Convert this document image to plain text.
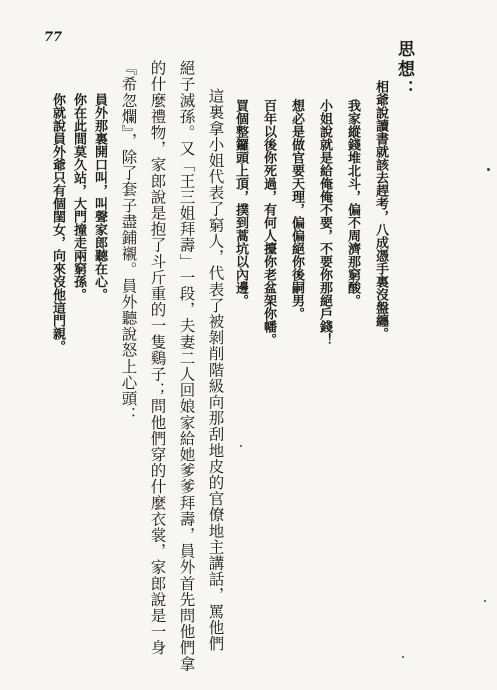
77
思想：
相爺說讀書就該去趕考，八成憑手裏沒盤纏。
我家縱錢堆北斗，偏不周濟那窮酸。
小姐說就是給俺俺不要，不要你那絕戶錢！
想必是做官要天理，偏偏絕你後嗣男。
百年以後你死過，有何人擡你老盆架你幡。
買個整鑼頭上頂，撲到蒿坑以內邊。
這裏拿小姐代表了窮人，代表了被剝削階級向那刮地皮的官僚地主講話，罵他們
絕子滅孫。又「王三姐拜壽」一段，夫妻二人回娘家給她爹爹拜壽，員外首先問他們拿
的什麼禮物，家郎說是抱了斗斤重的一隻鷄子；問他們穿的什麼衣裳，家郎說是一身
『希忽爛』，除了套子盡鋪襯。員外聽說怒上心頭：
員外那裏開口叫，叫聲家郎聽在心。
你在此間莫久站，大門撞走兩窮孫。
你就說員外爺只有個閨女，向來沒他這門親。
